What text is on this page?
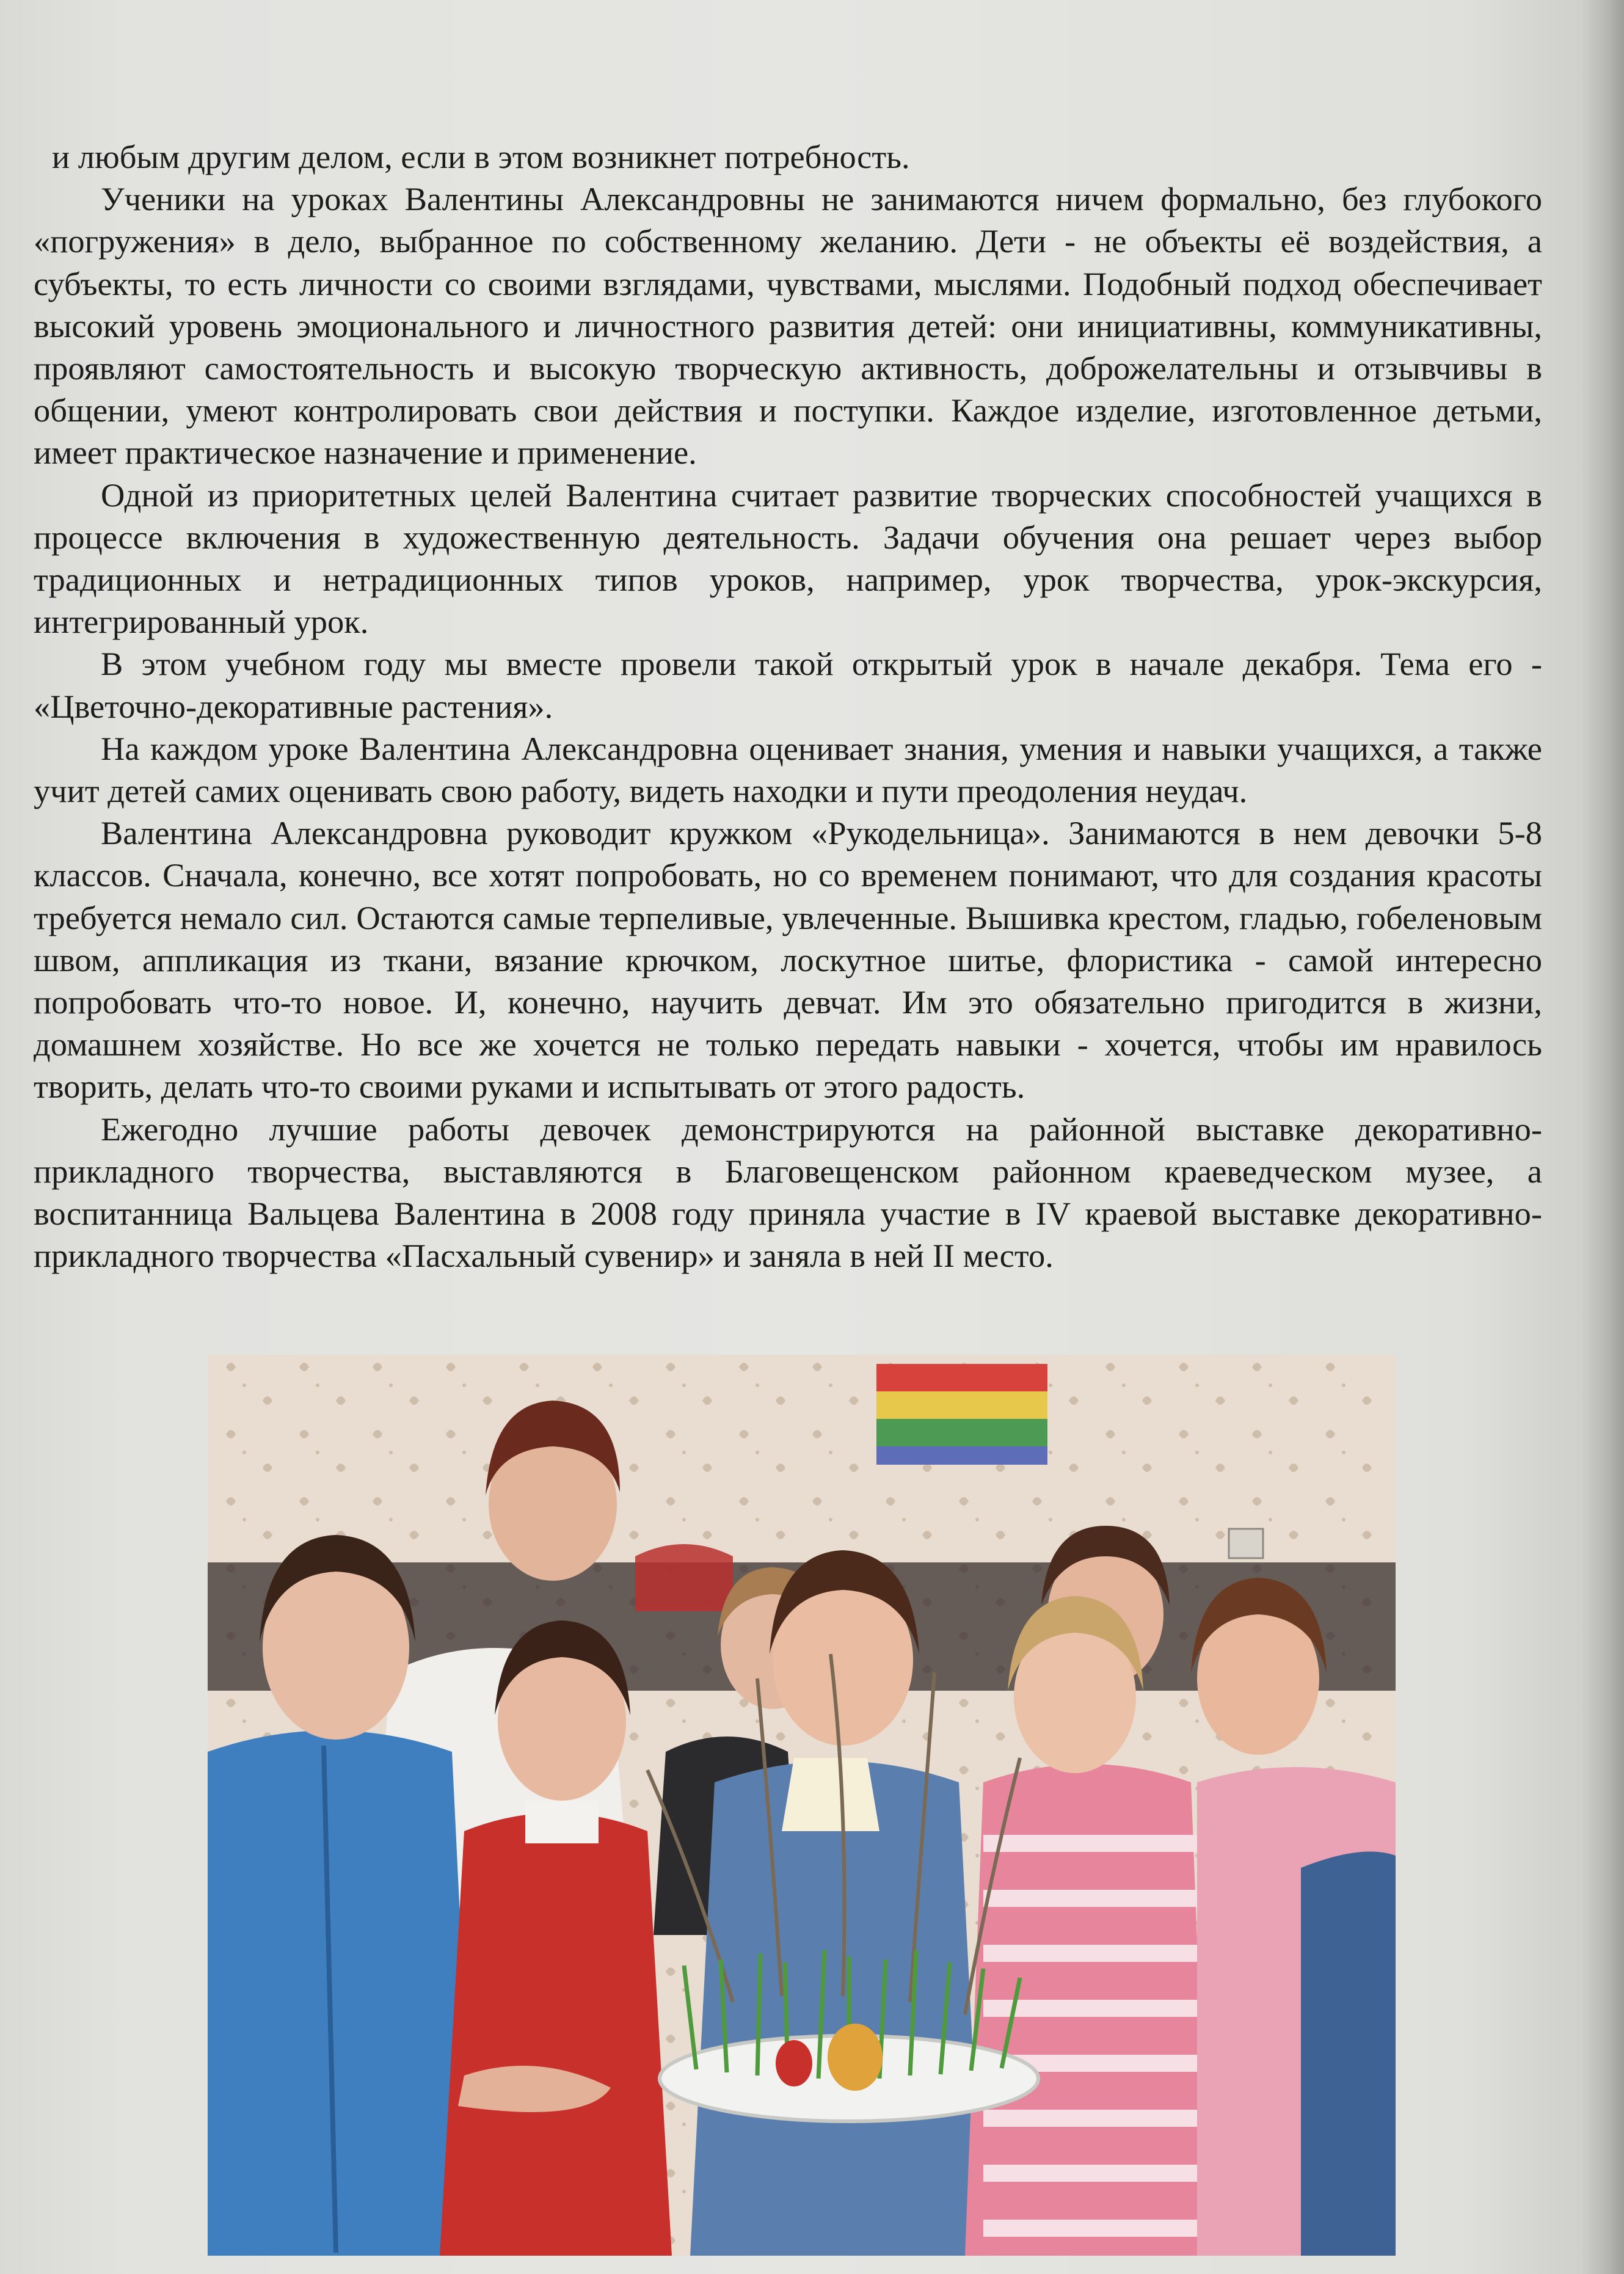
и любым другим делом, если в этом возникнет потребность.

Ученики на уроках Валентины Александровны не занимаются ничем формально, без глубокого «погружения» в дело, выбранное по собственному желанию. Дети - не объекты её воздействия, а субъекты, то есть личности со своими взглядами, чувствами, мыслями. Подобный подход обеспечивает высокий уровень эмоционального и личностного развития детей: они инициативны, коммуникативны, проявляют самостоятельность и высокую творческую активность, доброжелательны и отзывчивы в общении, умеют контролировать свои действия и поступки. Каждое изделие, изготовленное детьми, имеет практическое назначение и применение.

Одной из приоритетных целей Валентина считает развитие творческих способностей учащихся в процессе включения в художественную деятельность. Задачи обучения она решает через выбор традиционных и нетрадиционных типов уроков, например, урок творчества, урок-экскурсия, интегрированный урок.

В этом учебном году мы вместе провели такой открытый урок в начале декабря. Тема его - «Цветочно-декоративные растения».

На каждом уроке Валентина Александровна оценивает знания, умения и навыки учащихся, а также учит детей самих оценивать свою работу, видеть находки и пути преодоления неудач.

Валентина Александровна руководит кружком «Рукодельница». Занимаются в нем девочки 5-8 классов. Сначала, конечно, все хотят попробовать, но со временем понимают, что для создания красоты требуется немало сил. Остаются самые терпеливые, увлеченные. Вышивка крестом, гладью, гобеленовым швом, аппликация из ткани, вязание крючком, лоскутное шитье, флористика - самой интересно попробовать что-то новое. И, конечно, научить девчат. Им это обязательно пригодится в жизни, домашнем хозяйстве. Но все же хочется не только передать навыки - хочется, чтобы им нравилось творить, делать что-то своими руками и испытывать от этого радость.

Ежегодно лучшие работы девочек демонстрируются на районной выставке декоративно-прикладного творчества, выставляются в Благовещенском районном краеведческом музее, а воспитанница Вальцева Валентина в 2008 году приняла участие в IV краевой выставке декоративно-прикладного творчества «Пасхальный сувенир» и заняла в ней II место.
